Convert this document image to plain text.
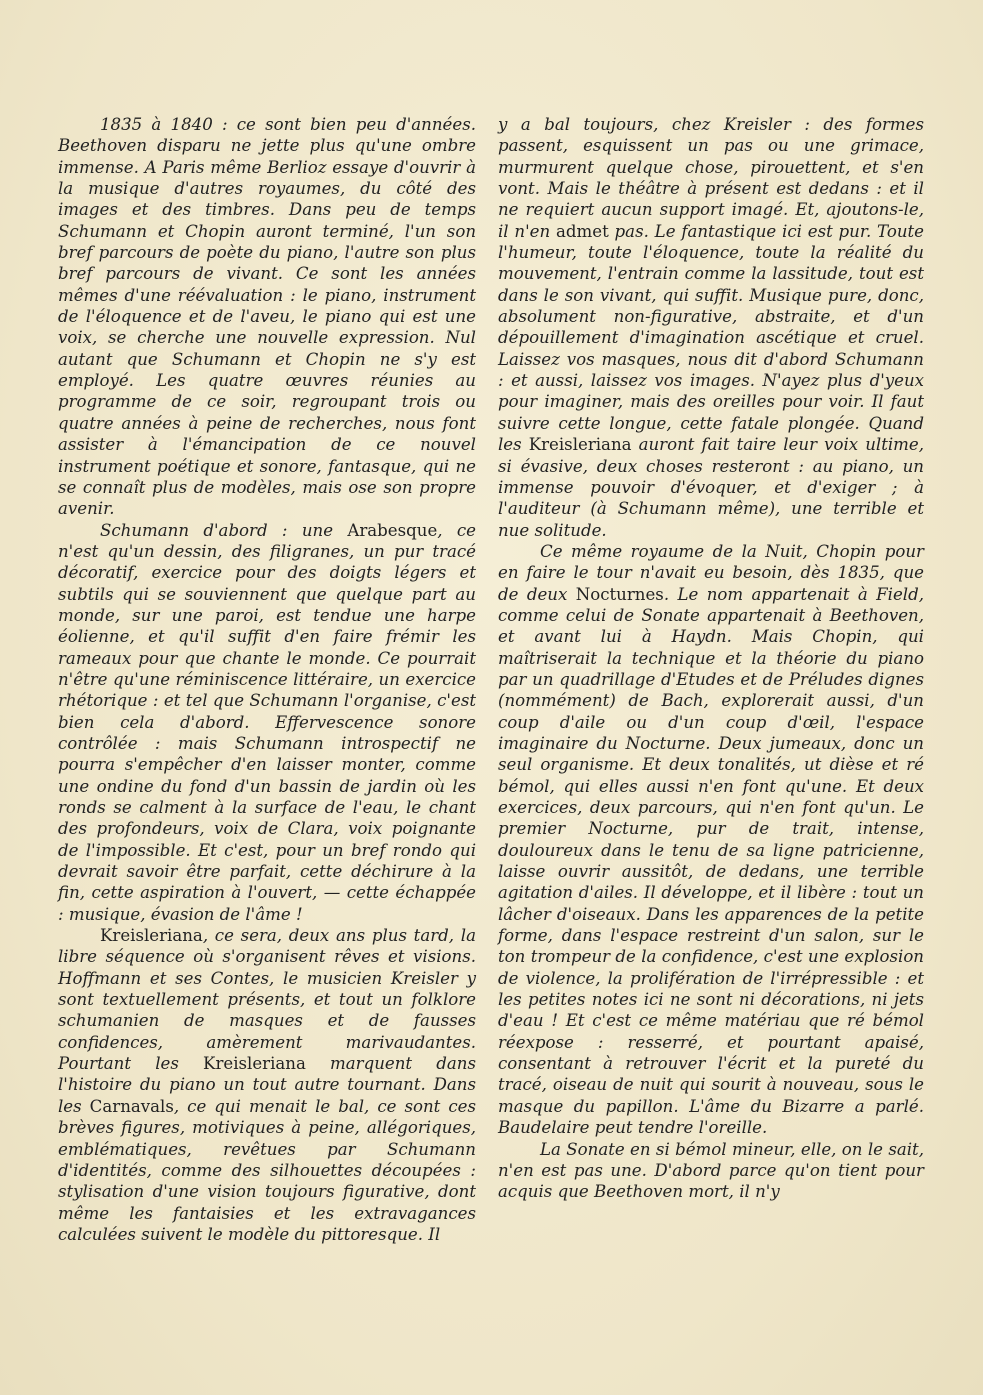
1835 à 1840 : ce sont bien peu d'années. Beethoven disparu ne jette plus qu'une ombre immense. A Paris même Berlioz essaye d'ouvrir à la musique d'autres royaumes, du côté des images et des timbres. Dans peu de temps Schumann et Chopin auront terminé, l'un son bref parcours de poète du piano, l'autre son plus bref parcours de vivant. Ce sont les années mêmes d'une réévaluation : le piano, instrument de l'éloquence et de l'aveu, le piano qui est une voix, se cherche une nouvelle expression. Nul autant que Schumann et Chopin ne s'y est employé. Les quatre œuvres réunies au programme de ce soir, regroupant trois ou quatre années à peine de recherches, nous font assister à l'émancipation de ce nouvel instrument poétique et sonore, fantasque, qui ne se connaît plus de modèles, mais ose son propre avenir.

Schumann d'abord : une Arabesque, ce n'est qu'un dessin, des filigranes, un pur tracé décoratif, exercice pour des doigts légers et subtils qui se souviennent que quelque part au monde, sur une paroi, est tendue une harpe éolienne, et qu'il suffit d'en faire frémir les rameaux pour que chante le monde. Ce pourrait n'être qu'une réminiscence littéraire, un exercice rhétorique : et tel que Schumann l'organise, c'est bien cela d'abord. Effervescence sonore contrôlée : mais Schumann introspectif ne pourra s'empêcher d'en laisser monter, comme une ondine du fond d'un bassin de jardin où les ronds se calment à la surface de l'eau, le chant des profondeurs, voix de Clara, voix poignante de l'impossible. Et c'est, pour un bref rondo qui devrait savoir être parfait, cette déchirure à la fin, cette aspiration à l'ouvert, — cette échappée : musique, évasion de l'âme !

Kreisleriana, ce sera, deux ans plus tard, la libre séquence où s'organisent rêves et visions. Hoffmann et ses Contes, le musicien Kreisler y sont textuellement présents, et tout un folklore schumanien de masques et de fausses confidences, amèrement marivaudantes. Pourtant les Kreisleriana marquent dans l'histoire du piano un tout autre tournant. Dans les Carnavals, ce qui menait le bal, ce sont ces brèves figures, motiviques à peine, allégoriques, emblématiques, revêtues par Schumann d'identités, comme des silhouettes découpées : stylisation d'une vision toujours figurative, dont même les fantaisies et les extravagances calculées suivent le modèle du pittoresque. Il

y a bal toujours, chez Kreisler : des formes passent, esquissent un pas ou une grimace, murmurent quelque chose, pirouettent, et s'en vont. Mais le théâtre à présent est dedans : et il ne requiert aucun support imagé. Et, ajoutons-le, il n'en admet pas. Le fantastique ici est pur. Toute l'humeur, toute l'éloquence, toute la réalité du mouvement, l'entrain comme la lassitude, tout est dans le son vivant, qui suffit. Musique pure, donc, absolument non-figurative, abstraite, et d'un dépouillement d'imagination ascétique et cruel. Laissez vos masques, nous dit d'abord Schumann : et aussi, laissez vos images. N'ayez plus d'yeux pour imaginer, mais des oreilles pour voir. Il faut suivre cette longue, cette fatale plongée. Quand les Kreisleriana auront fait taire leur voix ultime, si évasive, deux choses resteront : au piano, un immense pouvoir d'évoquer, et d'exiger ; à l'auditeur (à Schumann même), une terrible et nue solitude.

Ce même royaume de la Nuit, Chopin pour en faire le tour n'avait eu besoin, dès 1835, que de deux Nocturnes. Le nom appartenait à Field, comme celui de Sonate appartenait à Beethoven, et avant lui à Haydn. Mais Chopin, qui maîtriserait la technique et la théorie du piano par un quadrillage d'Etudes et de Préludes dignes (nommément) de Bach, explorerait aussi, d'un coup d'aile ou d'un coup d'œil, l'espace imaginaire du Nocturne. Deux jumeaux, donc un seul organisme. Et deux tonalités, ut dièse et ré bémol, qui elles aussi n'en font qu'une. Et deux exercices, deux parcours, qui n'en font qu'un. Le premier Nocturne, pur de trait, intense, douloureux dans le tenu de sa ligne patricienne, laisse ouvrir aussitôt, de dedans, une terrible agitation d'ailes. Il développe, et il libère : tout un lâcher d'oiseaux. Dans les apparences de la petite forme, dans l'espace restreint d'un salon, sur le ton trompeur de la confidence, c'est une explosion de violence, la prolifération de l'irrépressible : et les petites notes ici ne sont ni décorations, ni jets d'eau ! Et c'est ce même matériau que ré bémol réexpose : resserré, et pourtant apaisé, consentant à retrouver l'écrit et la pureté du tracé, oiseau de nuit qui sourit à nouveau, sous le masque du papillon. L'âme du Bizarre a parlé. Baudelaire peut tendre l'oreille.

La Sonate en si bémol mineur, elle, on le sait, n'en est pas une. D'abord parce qu'on tient pour acquis que Beethoven mort, il n'y
